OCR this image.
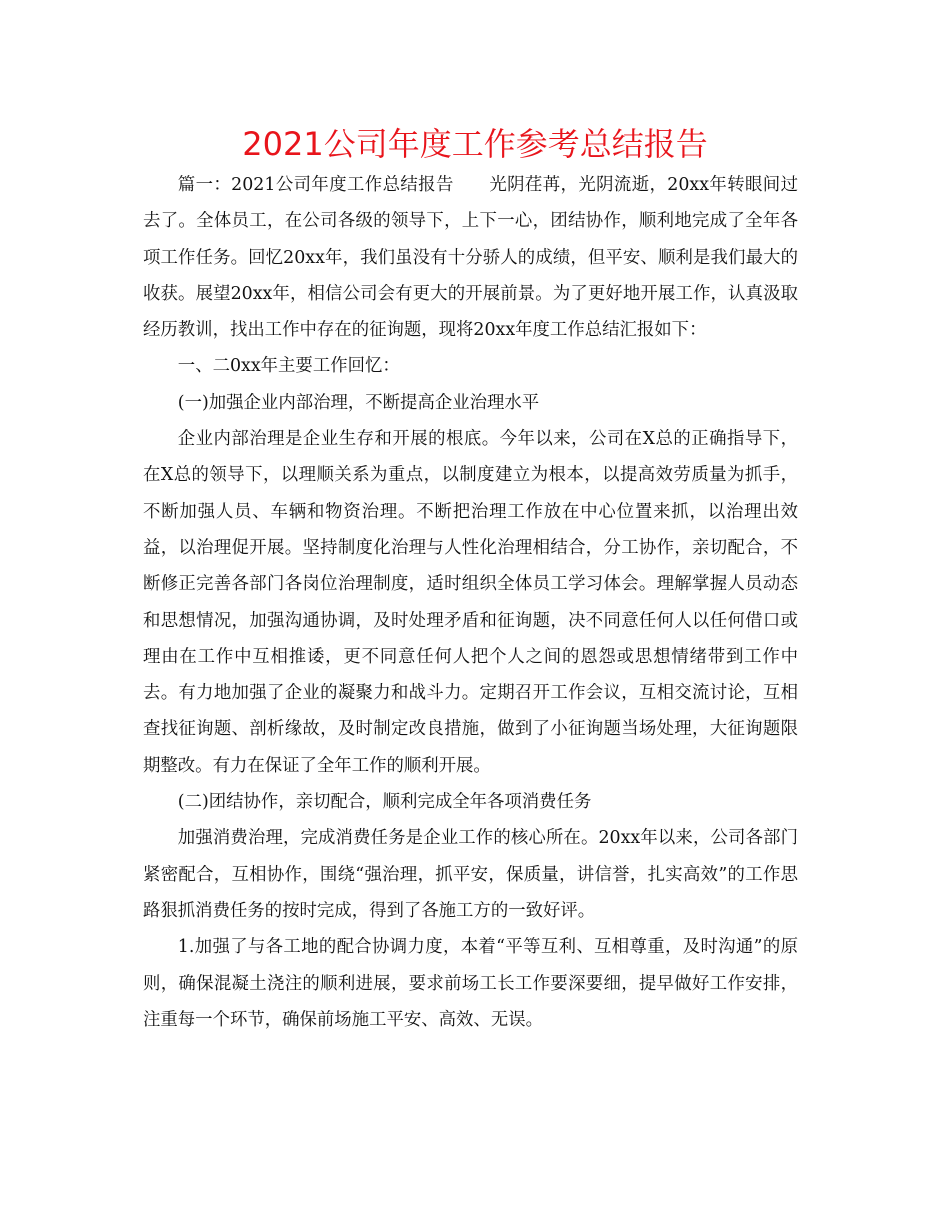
2021公司年度工作参考总结报告

篇一：2021公司年度工作总结报告　　光阴荏苒，光阴流逝，20xx年转眼间过去了。全体员工，在公司各级的领导下，上下一心，团结协作，顺利地完成了全年各项工作任务。回忆20xx年，我们虽没有十分骄人的成绩，但平安、顺利是我们最大的收获。展望20xx年，相信公司会有更大的开展前景。为了更好地开展工作，认真汲取经历教训，找出工作中存在的征询题，现将20xx年度工作总结汇报如下：

一、二0xx年主要工作回忆：

(一)加强企业内部治理，不断提高企业治理水平

企业内部治理是企业生存和开展的根底。今年以来，公司在X总的正确指导下，在X总的领导下，以理顺关系为重点，以制度建立为根本，以提高效劳质量为抓手，不断加强人员、车辆和物资治理。不断把治理工作放在中心位置来抓，以治理出效益，以治理促开展。坚持制度化治理与人性化治理相结合，分工协作，亲切配合，不断修正完善各部门各岗位治理制度，适时组织全体员工学习体会。理解掌握人员动态和思想情况，加强沟通协调，及时处理矛盾和征询题，决不同意任何人以任何借口或理由在工作中互相推诿，更不同意任何人把个人之间的恩怨或思想情绪带到工作中去。有力地加强了企业的凝聚力和战斗力。定期召开工作会议，互相交流讨论，互相查找征询题、剖析缘故，及时制定改良措施，做到了小征询题当场处理，大征询题限期整改。有力在保证了全年工作的顺利开展。

(二)团结协作，亲切配合，顺利完成全年各项消费任务

加强消费治理，完成消费任务是企业工作的核心所在。20xx年以来，公司各部门紧密配合，互相协作，围绕“强治理，抓平安，保质量，讲信誉，扎实高效”的工作思路狠抓消费任务的按时完成，得到了各施工方的一致好评。

1.加强了与各工地的配合协调力度，本着“平等互利、互相尊重，及时沟通”的原则，确保混凝土浇注的顺利进展，要求前场工长工作要深要细，提早做好工作安排，注重每一个环节，确保前场施工平安、高效、无误。
